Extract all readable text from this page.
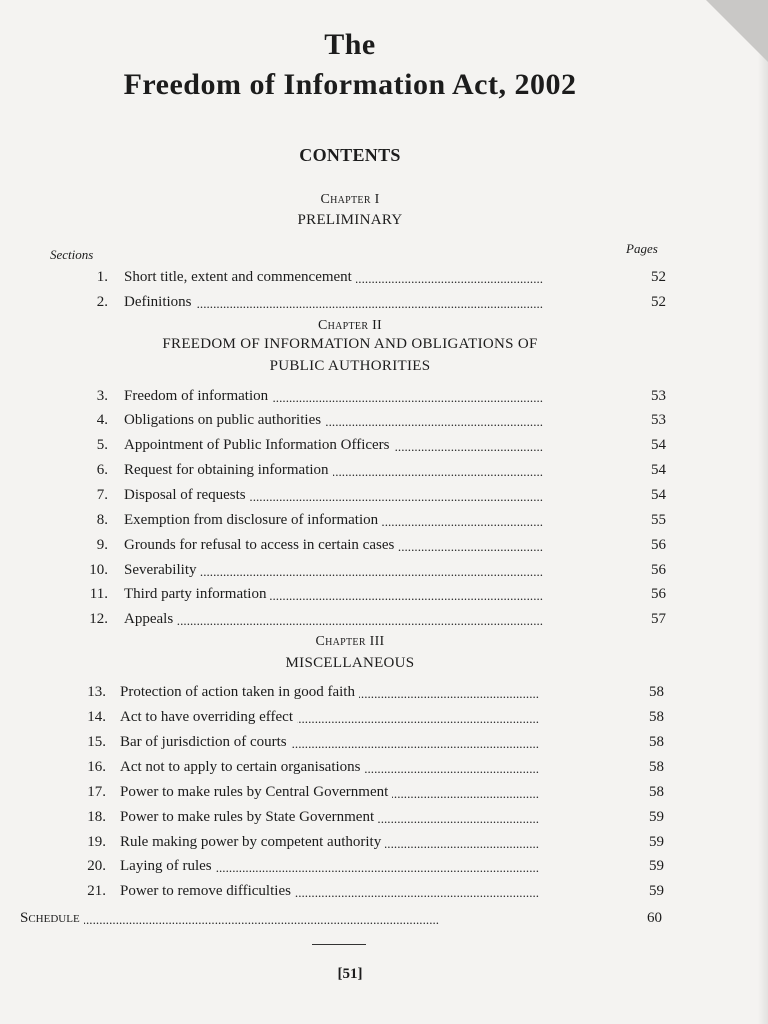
The
Freedom of Information Act, 2002
CONTENTS
Chapter I
PRELIMINARY
Sections	Pages
Chapter II
FREEDOM OF INFORMATION AND OBLIGATIONS OF
PUBLIC AUTHORITIES
Chapter III
MISCELLANEOUS
1. Short title, extent and commencement . . .	52
2. Definitions . . .	52
3. Freedom of information . . .	53
4. Obligations on public authorities . . .	53
5. Appointment of Public Information Officers . . .	54
6. Request for obtaining information . . .	54
7. Disposal of requests . . .	54
8. Exemption from disclosure of information . . .	55
9. Grounds for refusal to access in certain cases . . .	56
10. Severability . . .	56
11. Third party information . . .	56
12. Appeals . . .	57
13. Protection of action taken in good faith . . .	58
14. Act to have overriding effect . . .	58
15. Bar of jurisdiction of courts . . .	58
16. Act not to apply to certain organisations . . .	58
17. Power to make rules by Central Government . . .	58
18. Power to make rules by State Government . . .	59
19. Rule making power by competent authority . . .	59
20. Laying of rules . . .	59
21. Power to remove difficulties . . .	59
Schedule . . .	60
[51]
